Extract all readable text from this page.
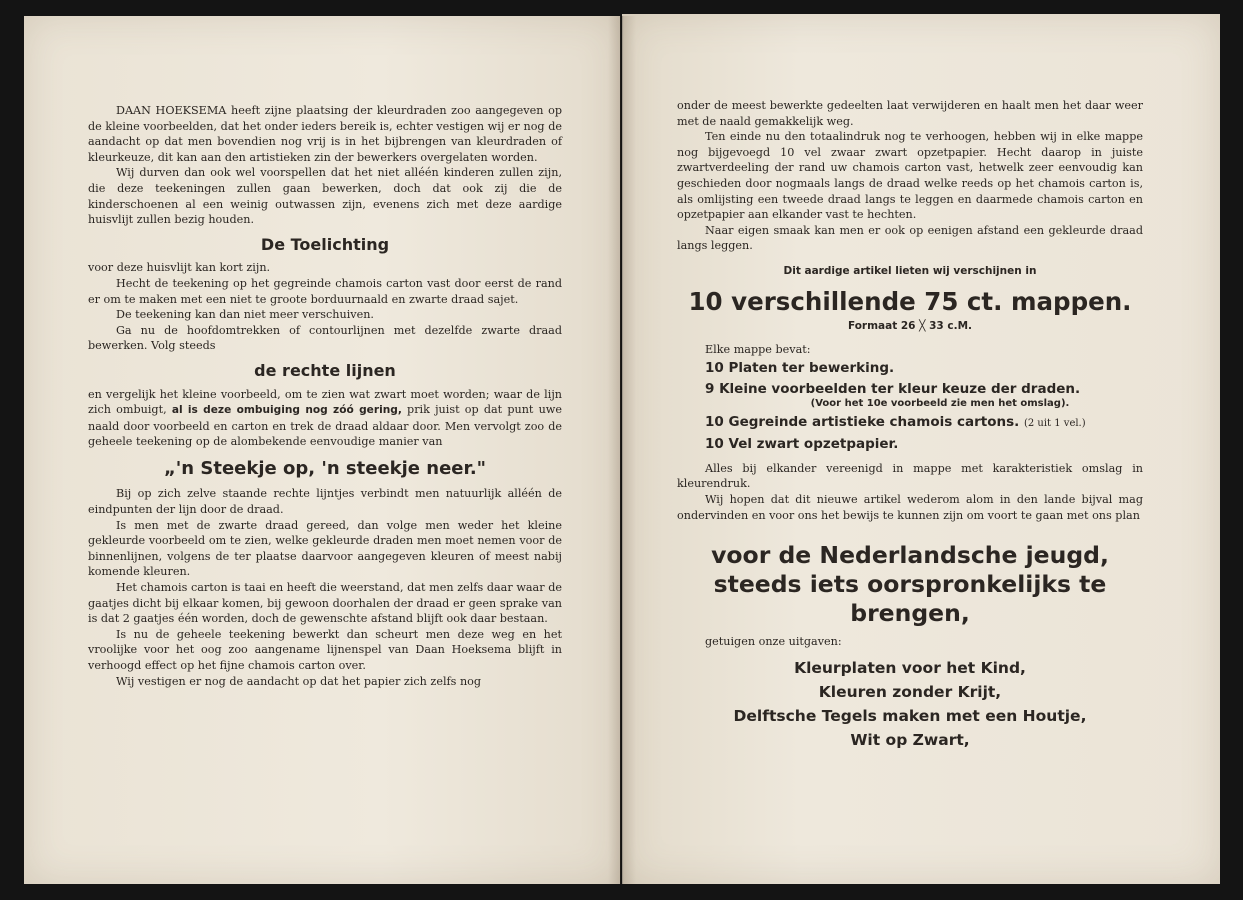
DAAN HOEKSEMA heeft zijne plaatsing der kleurdraden zoo aangegeven op de kleine voorbeelden, dat het onder ieders bereik is, echter vestigen wij er nog de aandacht op dat men bovendien nog vrij is in het bijbrengen van kleurdraden of kleurkeuze, dit kan aan den artistieken zin der bewerkers overgelaten worden.

Wij durven dan ook wel voorspellen dat het niet alléén kinderen zullen zijn, die deze teekeningen zullen gaan bewerken, doch dat ook zij die de kinderschoenen al een weinig outwassen zijn, evenens zich met deze aardige huisvlijt zullen bezig houden.

De Toelichting

voor deze huisvlijt kan kort zijn.

Hecht de teekening op het gegreinde chamois carton vast door eerst de rand er om te maken met een niet te groote borduurnaald en zwarte draad sajet.

De teekening kan dan niet meer verschuiven.

Ga nu de hoofdomtrekken of contourlijnen met dezelfde zwarte draad bewerken. Volg steeds

de rechte lijnen

en vergelijk het kleine voorbeeld, om te zien wat zwart moet worden; waar de lijn zich ombuigt, al is deze ombuiging nog zóó gering, prik juist op dat punt uwe naald door voorbeeld en carton en trek de draad aldaar door. Men vervolgt zoo de geheele teekening op de alombekende eenvoudige manier van

„'n Steekje op, 'n steekje neer."

Bij op zich zelve staande rechte lijntjes verbindt men natuurlijk alléén de eindpunten der lijn door de draad.

Is men met de zwarte draad gereed, dan volge men weder het kleine gekleurde voorbeeld om te zien, welke gekleurde draden men moet nemen voor de binnenlijnen, volgens de ter plaatse daarvoor aangegeven kleuren of meest nabij komende kleuren.

Het chamois carton is taai en heeft die weerstand, dat men zelfs daar waar de gaatjes dicht bij elkaar komen, bij gewoon doorhalen der draad er geen sprake van is dat 2 gaatjes één worden, doch de gewenschte afstand blijft ook daar bestaan.

Is nu de geheele teekening bewerkt dan scheurt men deze weg en het vroolijke voor het oog zoo aangename lijnenspel van Daan Hoeksema blijft in verhoogd effect op het fijne chamois carton over.

Wij vestigen er nog de aandacht op dat het papier zich zelfs nog

onder de meest bewerkte gedeelten laat verwijderen en haalt men het daar weer met de naald gemakkelijk weg.

Ten einde nu den totaalindruk nog te verhoogen, hebben wij in elke mappe nog bijgevoegd 10 vel zwaar zwart opzetpapier. Hecht daarop in juiste zwartverdeeling der rand uw chamois carton vast, hetwelk zeer eenvoudig kan geschieden door nogmaals langs de draad welke reeds op het chamois carton is, als omlijsting een tweede draad langs te leggen en daarmede chamois carton en opzetpapier aan elkander vast te hechten.

Naar eigen smaak kan men er ook op eenigen afstand een gekleurde draad langs leggen.

Dit aardige artikel lieten wij verschijnen in
10 verschillende 75 ct. mappen.
Formaat 26 ╳ 33 c.M.

Elke mappe bevat:

10 Platen ter bewerking.
9 Kleine voorbeelden ter kleur keuze der draden.
(Voor het 10e voorbeeld zie men het omslag).
10 Gegreinde artistieke chamois cartons. (2 uit 1 vel.)
10 Vel zwart opzetpapier.

Alles bij elkander vereenigd in mappe met karakteristiek omslag in kleurendruk.

Wij hopen dat dit nieuwe artikel wederom alom in den lande bijval mag ondervinden en voor ons het bewijs te kunnen zijn om voort te gaan met ons plan

voor de Nederlandsche jeugd,
steeds iets oorspronkelijks te
brengen,

getuigen onze uitgaven:

Kleurplaten voor het Kind,
Kleuren zonder Krijt,
Delftsche Tegels maken met een Houtje,
Wit op Zwart,
